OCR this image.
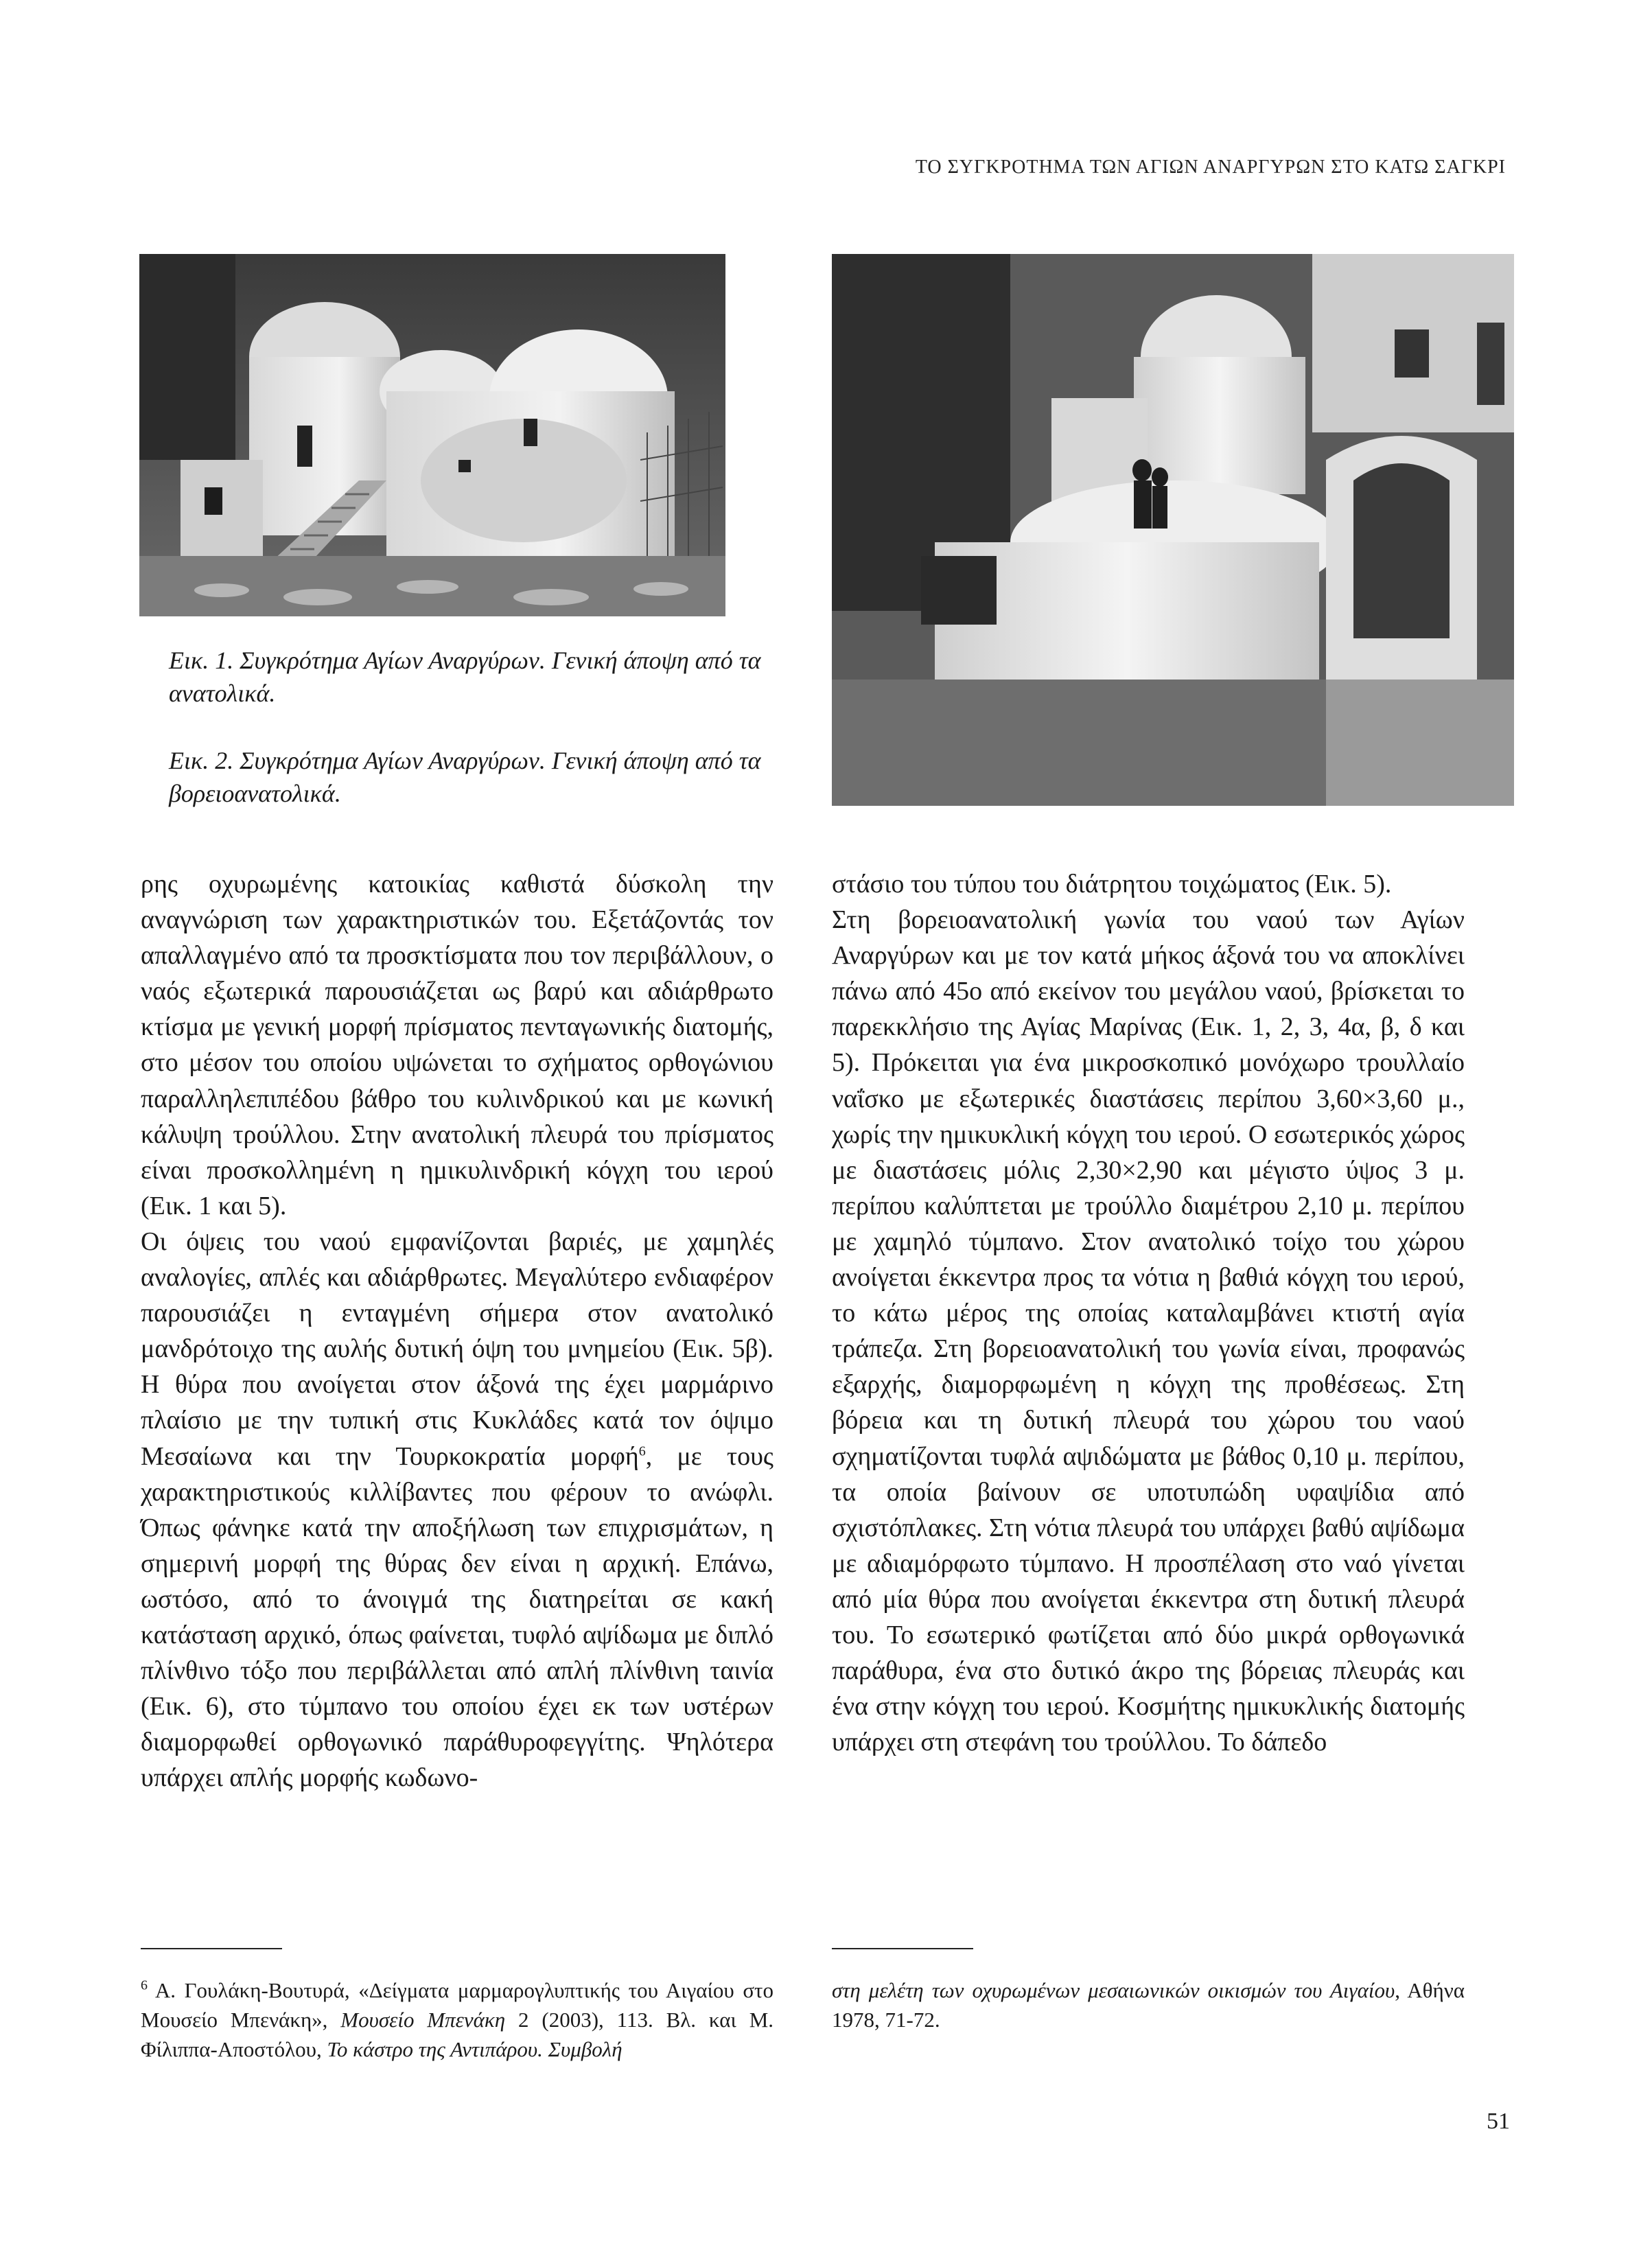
ΤΟ ΣΥΓΚΡΟΤΗΜΑ ΤΩΝ ΑΓΙΩΝ ΑΝΑΡΓΥΡΩΝ ΣΤΟ ΚΑΤΩ ΣΑΓΚΡΙ
Εικ. 1. Συγκρότημα Αγίων Αναργύρων. Γενική άποψη από τα ανατολικά.
Εικ. 2. Συγκρότημα Αγίων Αναργύρων. Γενική άποψη από τα βορειοανατολικά.

ρης οχυρωμένης κατοικίας καθιστά δύσκολη την αναγνώριση των χαρακτηριστικών του. Εξετάζοντάς τον απαλλαγμένο από τα προσκτίσματα που τον περιβάλλουν, ο ναός εξωτερικά παρουσιάζεται ως βαρύ και αδιάρθρωτο κτίσμα με γενική μορφή πρίσματος πενταγωνικής διατομής, στο μέσον του οποίου υψώνεται το σχήματος ορθογώνιου παραλληλεπιπέδου βάθρο του κυλινδρικού και με κωνική κάλυψη τρούλλου. Στην ανατολική πλευρά του πρίσματος είναι προσκολλημένη η ημικυλινδρική κόγχη του ιερού (Εικ. 1 και 5).

Οι όψεις του ναού εμφανίζονται βαριές, με χαμηλές αναλογίες, απλές και αδιάρθρωτες. Μεγαλύτερο ενδιαφέρον παρουσιάζει η ενταγμένη σήμερα στον ανατολικό μανδρότοιχο της αυλής δυτική όψη του μνημείου (Εικ. 5β). Η θύρα που ανοίγεται στον άξονά της έχει μαρμάρινο πλαίσιο με την τυπική στις Κυκλάδες κατά τον όψιμο Μεσαίωνα και την Τουρκοκρατία μορφή$^6$, με τους χαρακτηριστικούς κιλλίβαντες που φέρουν το ανώφλι. Όπως φάνηκε κατά την αποξήλωση των επιχρισμάτων, η σημερινή μορφή της θύρας δεν είναι η αρχική. Επάνω, ωστόσο, από το άνοιγμά της διατηρείται σε κακή κατάσταση αρχικό, όπως φαίνεται, τυφλό αψίδωμα με διπλό πλίνθινο τόξο που περιβάλλεται από απλή πλίνθινη ταινία (Εικ. 6), στο τύμπανο του οποίου έχει εκ των υστέρων διαμορφωθεί ορθογωνικό παράθυροφεγγίτης. Ψηλότερα υπάρχει απλής μορφής κωδωνο-

στάσιο του τύπου του διάτρητου τοιχώματος (Εικ. 5).

Στη βορειοανατολική γωνία του ναού των Αγίων Αναργύρων και με τον κατά μήκος άξονά του να αποκλίνει πάνω από 45ο από εκείνον του μεγάλου ναού, βρίσκεται το παρεκκλήσιο της Αγίας Μαρίνας (Εικ. 1, 2, 3, 4α, β, δ και 5). Πρόκειται για ένα μικροσκοπικό μονόχωρο τρουλλαίο ναΐσκο με εξωτερικές διαστάσεις περίπου 3,60×3,60 μ., χωρίς την ημικυκλική κόγχη του ιερού. Ο εσωτερικός χώρος με διαστάσεις μόλις 2,30×2,90 και μέγιστο ύψος 3 μ. περίπου καλύπτεται με τρούλλο διαμέτρου 2,10 μ. περίπου με χαμηλό τύμπανο. Στον ανατολικό τοίχο του χώρου ανοίγεται έκκεντρα προς τα νότια η βαθιά κόγχη του ιερού, το κάτω μέρος της οποίας καταλαμβάνει κτιστή αγία τράπεζα. Στη βορειοανατολική του γωνία είναι, προφανώς εξαρχής, διαμορφωμένη η κόγχη της προθέσεως. Στη βόρεια και τη δυτική πλευρά του χώρου του ναού σχηματίζονται τυφλά αψιδώματα με βάθος 0,10 μ. περίπου, τα οποία βαίνουν σε υποτυπώδη υφαψίδια από σχιστόπλακες. Στη νότια πλευρά του υπάρχει βαθύ αψίδωμα με αδιαμόρφωτο τύμπανο. Η προσπέλαση στο ναό γίνεται από μία θύρα που ανοίγεται έκκεντρα στη δυτική πλευρά του. Το εσωτερικό φωτίζεται από δύο μικρά ορθογωνικά παράθυρα, ένα στο δυτικό άκρο της βόρειας πλευράς και ένα στην κόγχη του ιερού. Κοσμήτης ημικυκλικής διατομής υπάρχει στη στεφάνη του τρούλλου. Το δάπεδο

$^6$ Α. Γουλάκη-Βουτυρά, «Δείγματα μαρμαρογλυπτικής του Αιγαίου στο Μουσείο Μπενάκη», Μουσείο Μπενάκη 2 (2003), 113. Βλ. και Μ. Φίλιππα-Αποστόλου, Το κάστρο της Αντιπάρου. Συμβολή
στη μελέτη των οχυρωμένων μεσαιωνικών οικισμών του Αιγαίου, Αθήνα 1978, 71-72.
51
